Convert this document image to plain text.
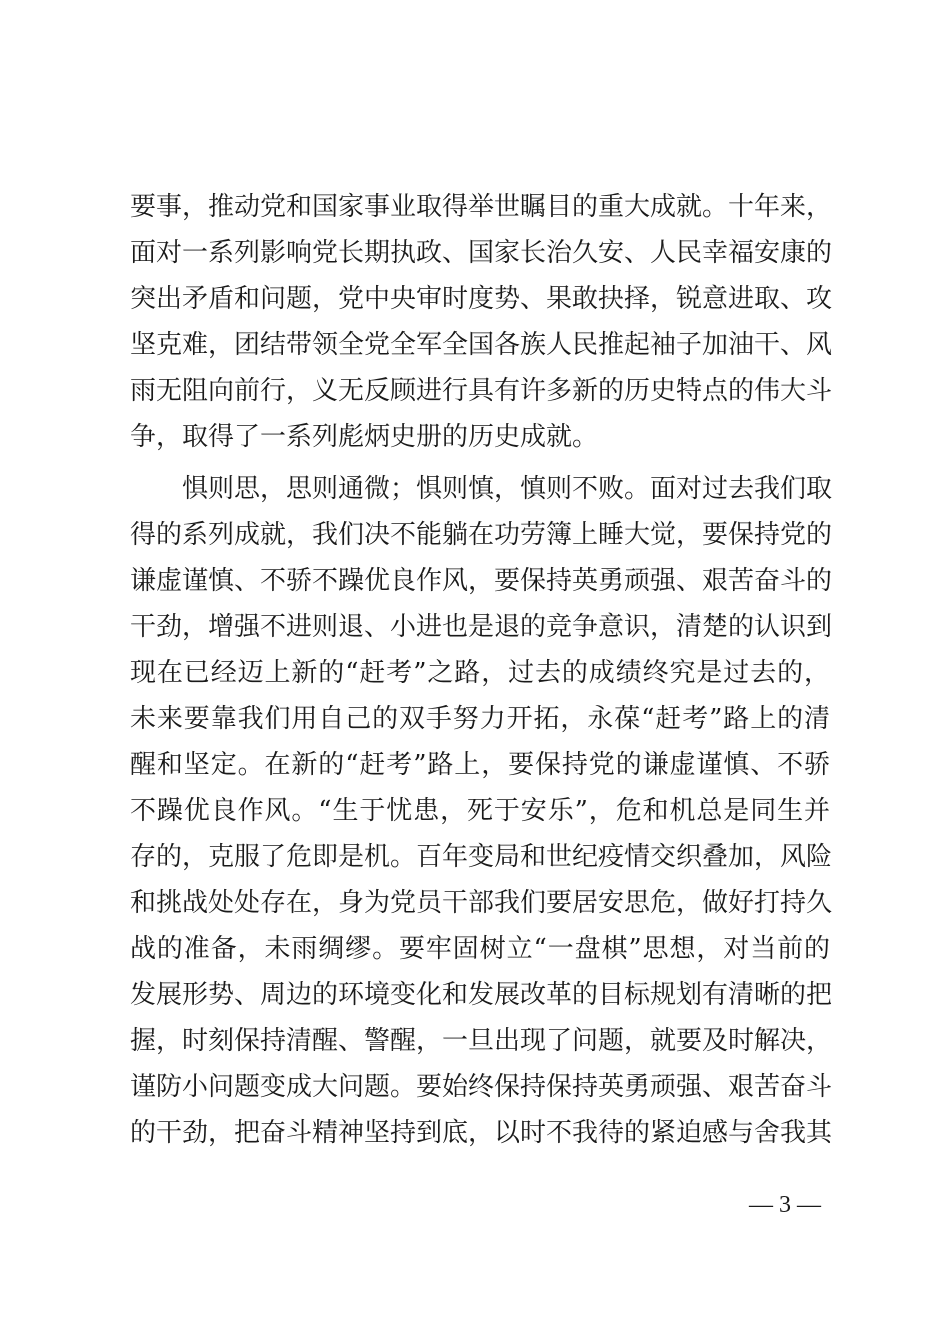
要事，推动党和国家事业取得举世瞩目的重大成就。十年来，
面对一系列影响党长期执政、国家长治久安、人民幸福安康的
突出矛盾和问题，党中央审时度势、果敢抉择，锐意进取、攻
坚克难，团结带领全党全军全国各族人民推起袖子加油干、风
雨无阻向前行，义无反顾进行具有许多新的历史特点的伟大斗
争，取得了一系列彪炳史册的历史成就。
惧则思，思则通微；惧则慎，慎则不败。面对过去我们取
得的系列成就，我们决不能躺在功劳簿上睡大觉，要保持党的
谦虚谨慎、不骄不躁优良作风，要保持英勇顽强、艰苦奋斗的
干劲，增强不进则退、小进也是退的竞争意识，清楚的认识到
现在已经迈上新的“赶考”之路，过去的成绩终究是过去的，
未来要靠我们用自己的双手努力开拓，永葆“赶考”路上的清
醒和坚定。在新的“赶考”路上，要保持党的谦虚谨慎、不骄
不躁优良作风。“生于忧患，死于安乐”，危和机总是同生并
存的，克服了危即是机。百年变局和世纪疫情交织叠加，风险
和挑战处处存在，身为党员干部我们要居安思危，做好打持久
战的准备，未雨绸缪。要牢固树立“一盘棋”思想，对当前的
发展形势、周边的环境变化和发展改革的目标规划有清晰的把
握，时刻保持清醒、警醒，一旦出现了问题，就要及时解决，
谨防小问题变成大问题。要始终保持保持英勇顽强、艰苦奋斗
的干劲，把奋斗精神坚持到底，以时不我待的紧迫感与舍我其
— 3 —
